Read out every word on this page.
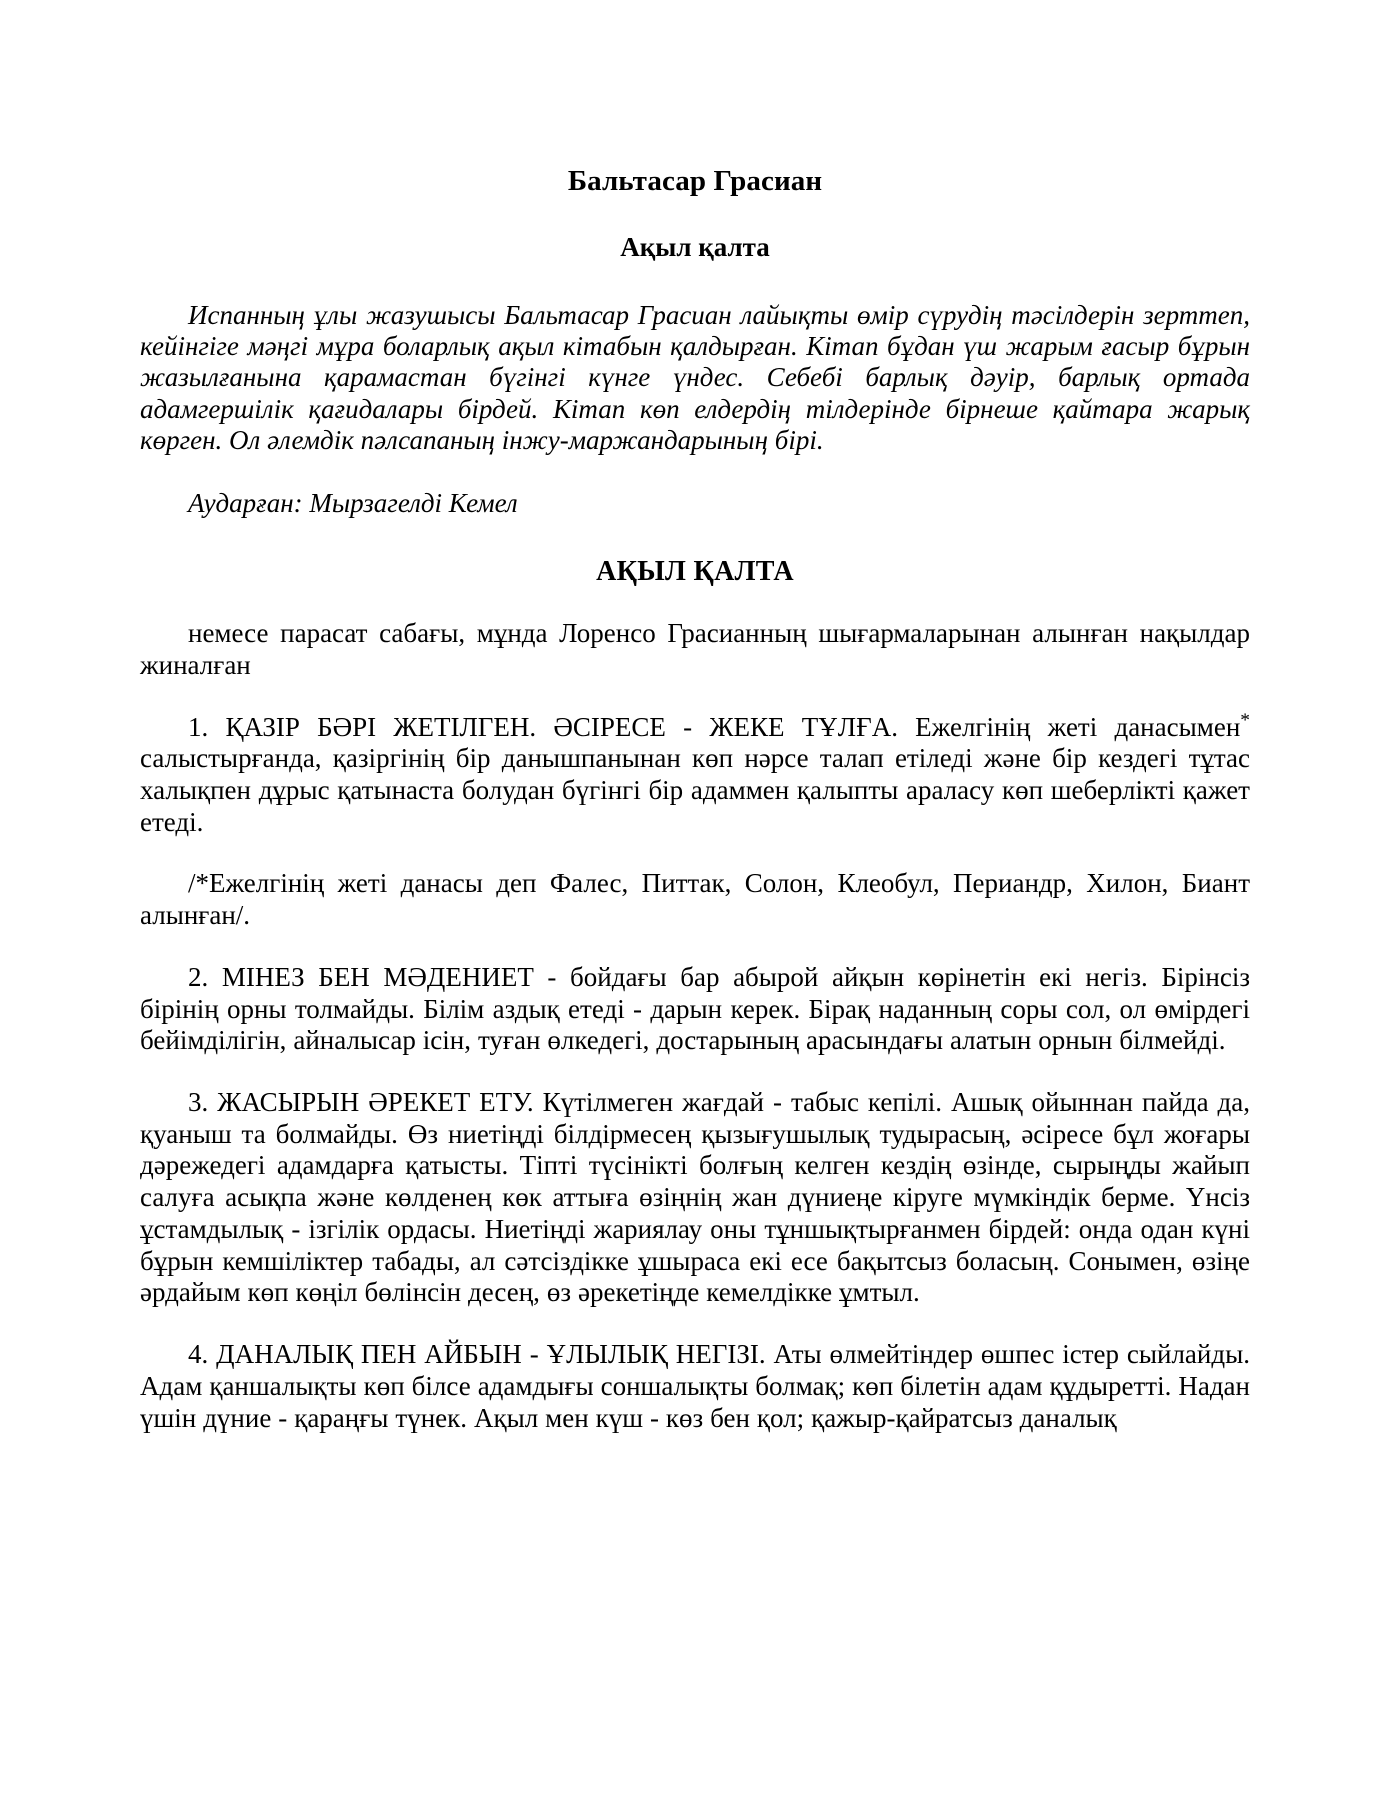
Бальтасар Грасиан
Ақыл қалта

Испанның ұлы жазушысы Бальтасар Грасиан лайықты өмір сүрудің тәсілдерін зерттеп, кейінгіге мәңгі мұра боларлық ақыл кітабын қалдырған. Кітап бұдан үш жарым ғасыр бұрын жазылғанына қарамастан бүгінгі күнге үндес. Себебі барлық дәуір, барлық ортада адамгершілік қағидалары бірдей. Кітап көп елдердің тілдерінде бірнеше қайтара жарық көрген. Ол әлемдік пәлсапаның інжу-маржандарының бірі.

Аударған: Мырзагелді Кемел

АҚЫЛ ҚАЛТА

немесе парасат сабағы, мұнда Лоренсо Грасианның шығармаларынан алынған нақылдар жиналған

1. ҚАЗІР БӘРІ ЖЕТІЛГЕН. ӘСІРЕСЕ - ЖЕКЕ ТҰЛҒА. Ежелгінің жеті данасымен* салыстырғанда, қазіргінің бір данышпанынан көп нәрсе талап етіледі және бір кездегі тұтас халықпен дұрыс қатынаста болудан бүгінгі бір адаммен қалыпты араласу көп шеберлікті қажет етеді.

/*Ежелгінің жеті данасы деп Фалес, Питтак, Солон, Клеобул, Периандр, Хилон, Биант алынған/.

2. МІНЕЗ БЕН МӘДЕНИЕТ - бойдағы бар абырой айқын көрінетін екі негіз. Бірінсіз бірінің орны толмайды. Білім аздық етеді - дарын керек. Бірақ наданның соры сол, ол өмірдегі бейімділігін, айналысар ісін, туған өлкедегі, достарының арасындағы алатын орнын білмейді.

3. ЖАСЫРЫН ӘРЕКЕТ ЕТУ. Күтілмеген жағдай - табыс кепілі. Ашық ойыннан пайда да, қуаныш та болмайды. Өз ниетіңді білдірмесең қызығушылық тудырасың, әсіресе бұл жоғары дәрежедегі адамдарға қатысты. Тіпті түсінікті болғың келген кездің өзінде, сырыңды жайып салуға асықпа және көлденең көк аттыға өзіңнің жан дүниеңе кіруге мүмкіндік берме. Үнсіз ұстамдылық - ізгілік ордасы. Ниетіңді жариялау оны тұншықтырғанмен бірдей: онда одан күні бұрын кемшіліктер табады, ал сәтсіздікке ұшыраса екі есе бақытсыз боласың. Сонымен, өзіңе әрдайым көп көңіл бөлінсін десең, өз әрекетіңде кемелдікке ұмтыл.

4. ДАНАЛЫҚ ПЕН АЙБЫН - ҰЛЫЛЫҚ НЕГІЗІ. Аты өлмейтіндер өшпес істер сыйлайды. Адам қаншалықты көп білсе адамдығы соншалықты болмақ; көп білетін адам құдыретті. Надан үшін дүние - қараңғы түнек. Ақыл мен күш - көз бен қол; қажыр-қайратсыз даналық
